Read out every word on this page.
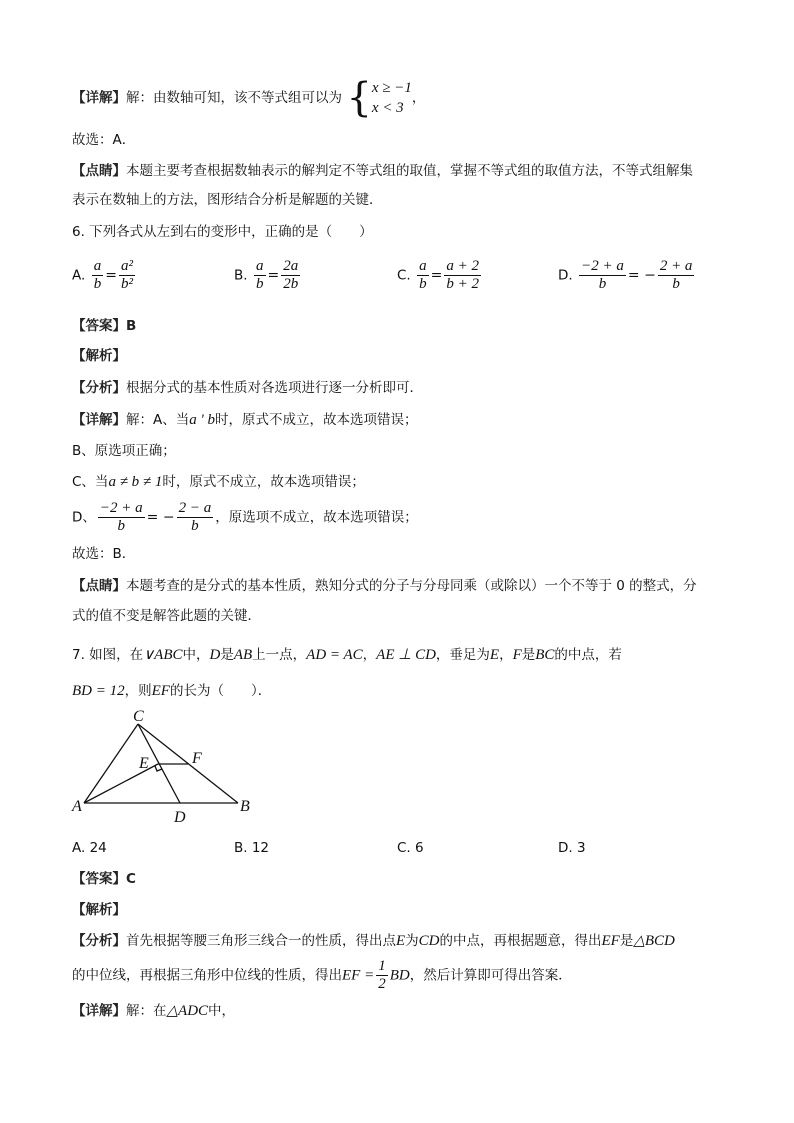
【详解】解：由数轴可知，该不等式组可以为 { x ≥ −1
x < 3
，
故选：A．
【点睛】本题主要考查根据数轴表示的解判定不等式组的取值，掌握不等式组的取值方法，不等式组解集
表示在数轴上的方法，图形结合分析是解题的关键．
6. 下列各式从左到右的变形中，正确的是（　　）
A. $\frac{a}{b} = \frac{\text{a²}}{\text{b²}}$	B. $\frac{a}{b} = \frac{2a}{2b}$	C. $\frac{a}{b} = \frac{a + 2}{b + 2}$	D. $\frac{-2 + a}{b}$ = − $\frac{2 + a}{b}$
【答案】B
【解析】
【分析】根据分式的基本性质对各选项进行逐一分析即可．
【详解】解：A、当a ʹ b时，原式不成立，故本选项错误；
B、原选项正确；
C、当a ≠ b ≠ 1时，原式不成立，故本选项错误；
D、 $\frac{-2 + a}{b}$ = − $\frac{2 - a}{b}$ ，原选项不成立，故本选项错误；
故选：B．
【点睛】本题考查的是分式的基本性质，熟知分式的分子与分母同乘（或除以）一个不等于 0 的整式，分
式的值不变是解答此题的关键．
7. 如图，在∨ABC中，D是AB上一点，AD = AC，AE ⊥ CD，垂足为E，F是BC的中点，若
BD = 12，则EF的长为（　　）．
C
E	F
A	B
D
A. 24	B. 12	C. 6	D. 3
【答案】C
【解析】
【分析】首先根据等腰三角形三线合一的性质，得出点E为CD的中点，再根据题意，得出EF是△BCD
的中位线，再根据三角形中位线的性质，得出EF = $\frac{1}{2}$ BD，然后计算即可得出答案．
【详解】解：在△ADC中，
